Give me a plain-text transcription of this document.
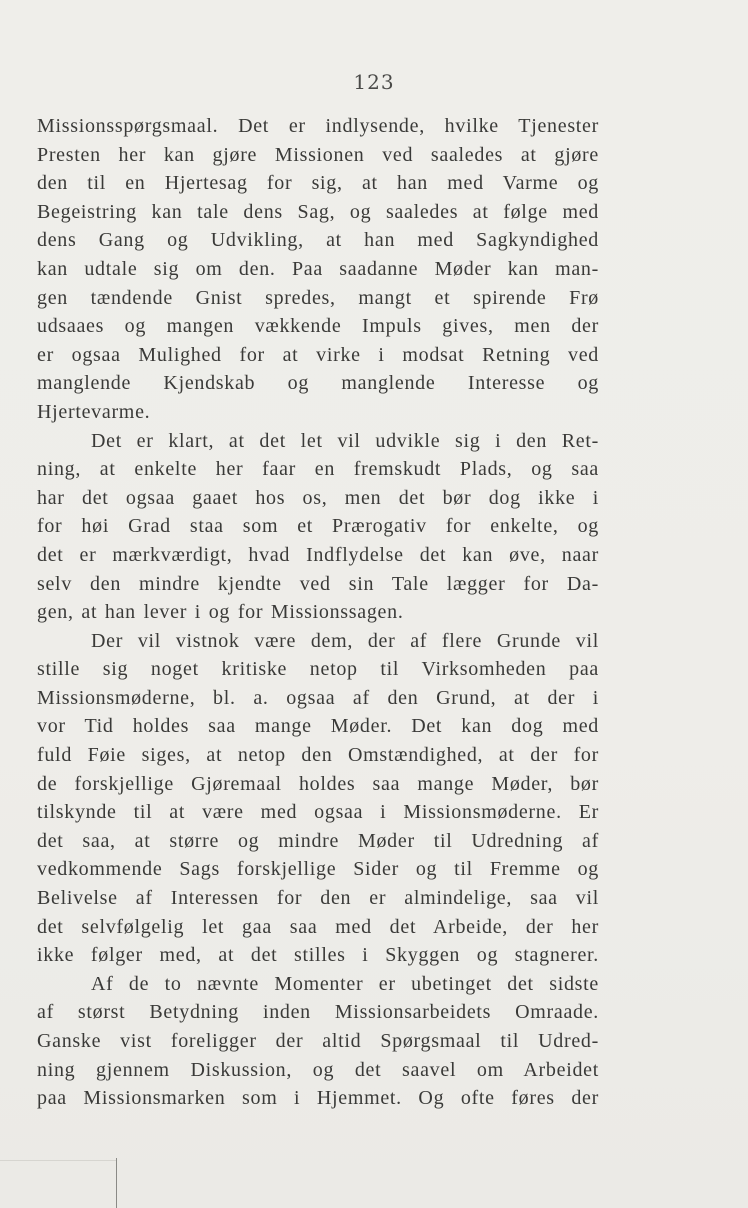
123
Missionsspørgsmaal. Det er indlysende, hvilke Tjenester
Presten her kan gjøre Missionen ved saaledes at gjøre
den til en Hjertesag for sig, at han med Varme og
Begeistring kan tale dens Sag, og saaledes at følge med
dens Gang og Udvikling, at han med Sagkyndighed
kan udtale sig om den. Paa saadanne Møder kan man-
gen tændende Gnist spredes, mangt et spirende Frø
udsaaes og mangen vækkende Impuls gives, men der
er ogsaa Mulighed for at virke i modsat Retning ved
manglende Kjendskab og manglende Interesse og
Hjertevarme.
Det er klart, at det let vil udvikle sig i den Ret-
ning, at enkelte her faar en fremskudt Plads, og saa
har det ogsaa gaaet hos os, men det bør dog ikke i
for høi Grad staa som et Prærogativ for enkelte, og
det er mærkværdigt, hvad Indflydelse det kan øve, naar
selv den mindre kjendte ved sin Tale lægger for Da-
gen, at han lever i og for Missionssagen.
Der vil vistnok være dem, der af flere Grunde vil
stille sig noget kritiske netop til Virksomheden paa
Missionsmøderne, bl. a. ogsaa af den Grund, at der i
vor Tid holdes saa mange Møder. Det kan dog med
fuld Føie siges, at netop den Omstændighed, at der for
de forskjellige Gjøremaal holdes saa mange Møder, bør
tilskynde til at være med ogsaa i Missionsmøderne. Er
det saa, at større og mindre Møder til Udredning af
vedkommende Sags forskjellige Sider og til Fremme og
Belivelse af Interessen for den er almindelige, saa vil
det selvfølgelig let gaa saa med det Arbeide, der her
ikke følger med, at det stilles i Skyggen og stagnerer.
Af de to nævnte Momenter er ubetinget det sidste
af størst Betydning inden Missionsarbeidets Omraade.
Ganske vist foreligger der altid Spørgsmaal til Udred-
ning gjennem Diskussion, og det saavel om Arbeidet
paa Missionsmarken som i Hjemmet. Og ofte føres der
